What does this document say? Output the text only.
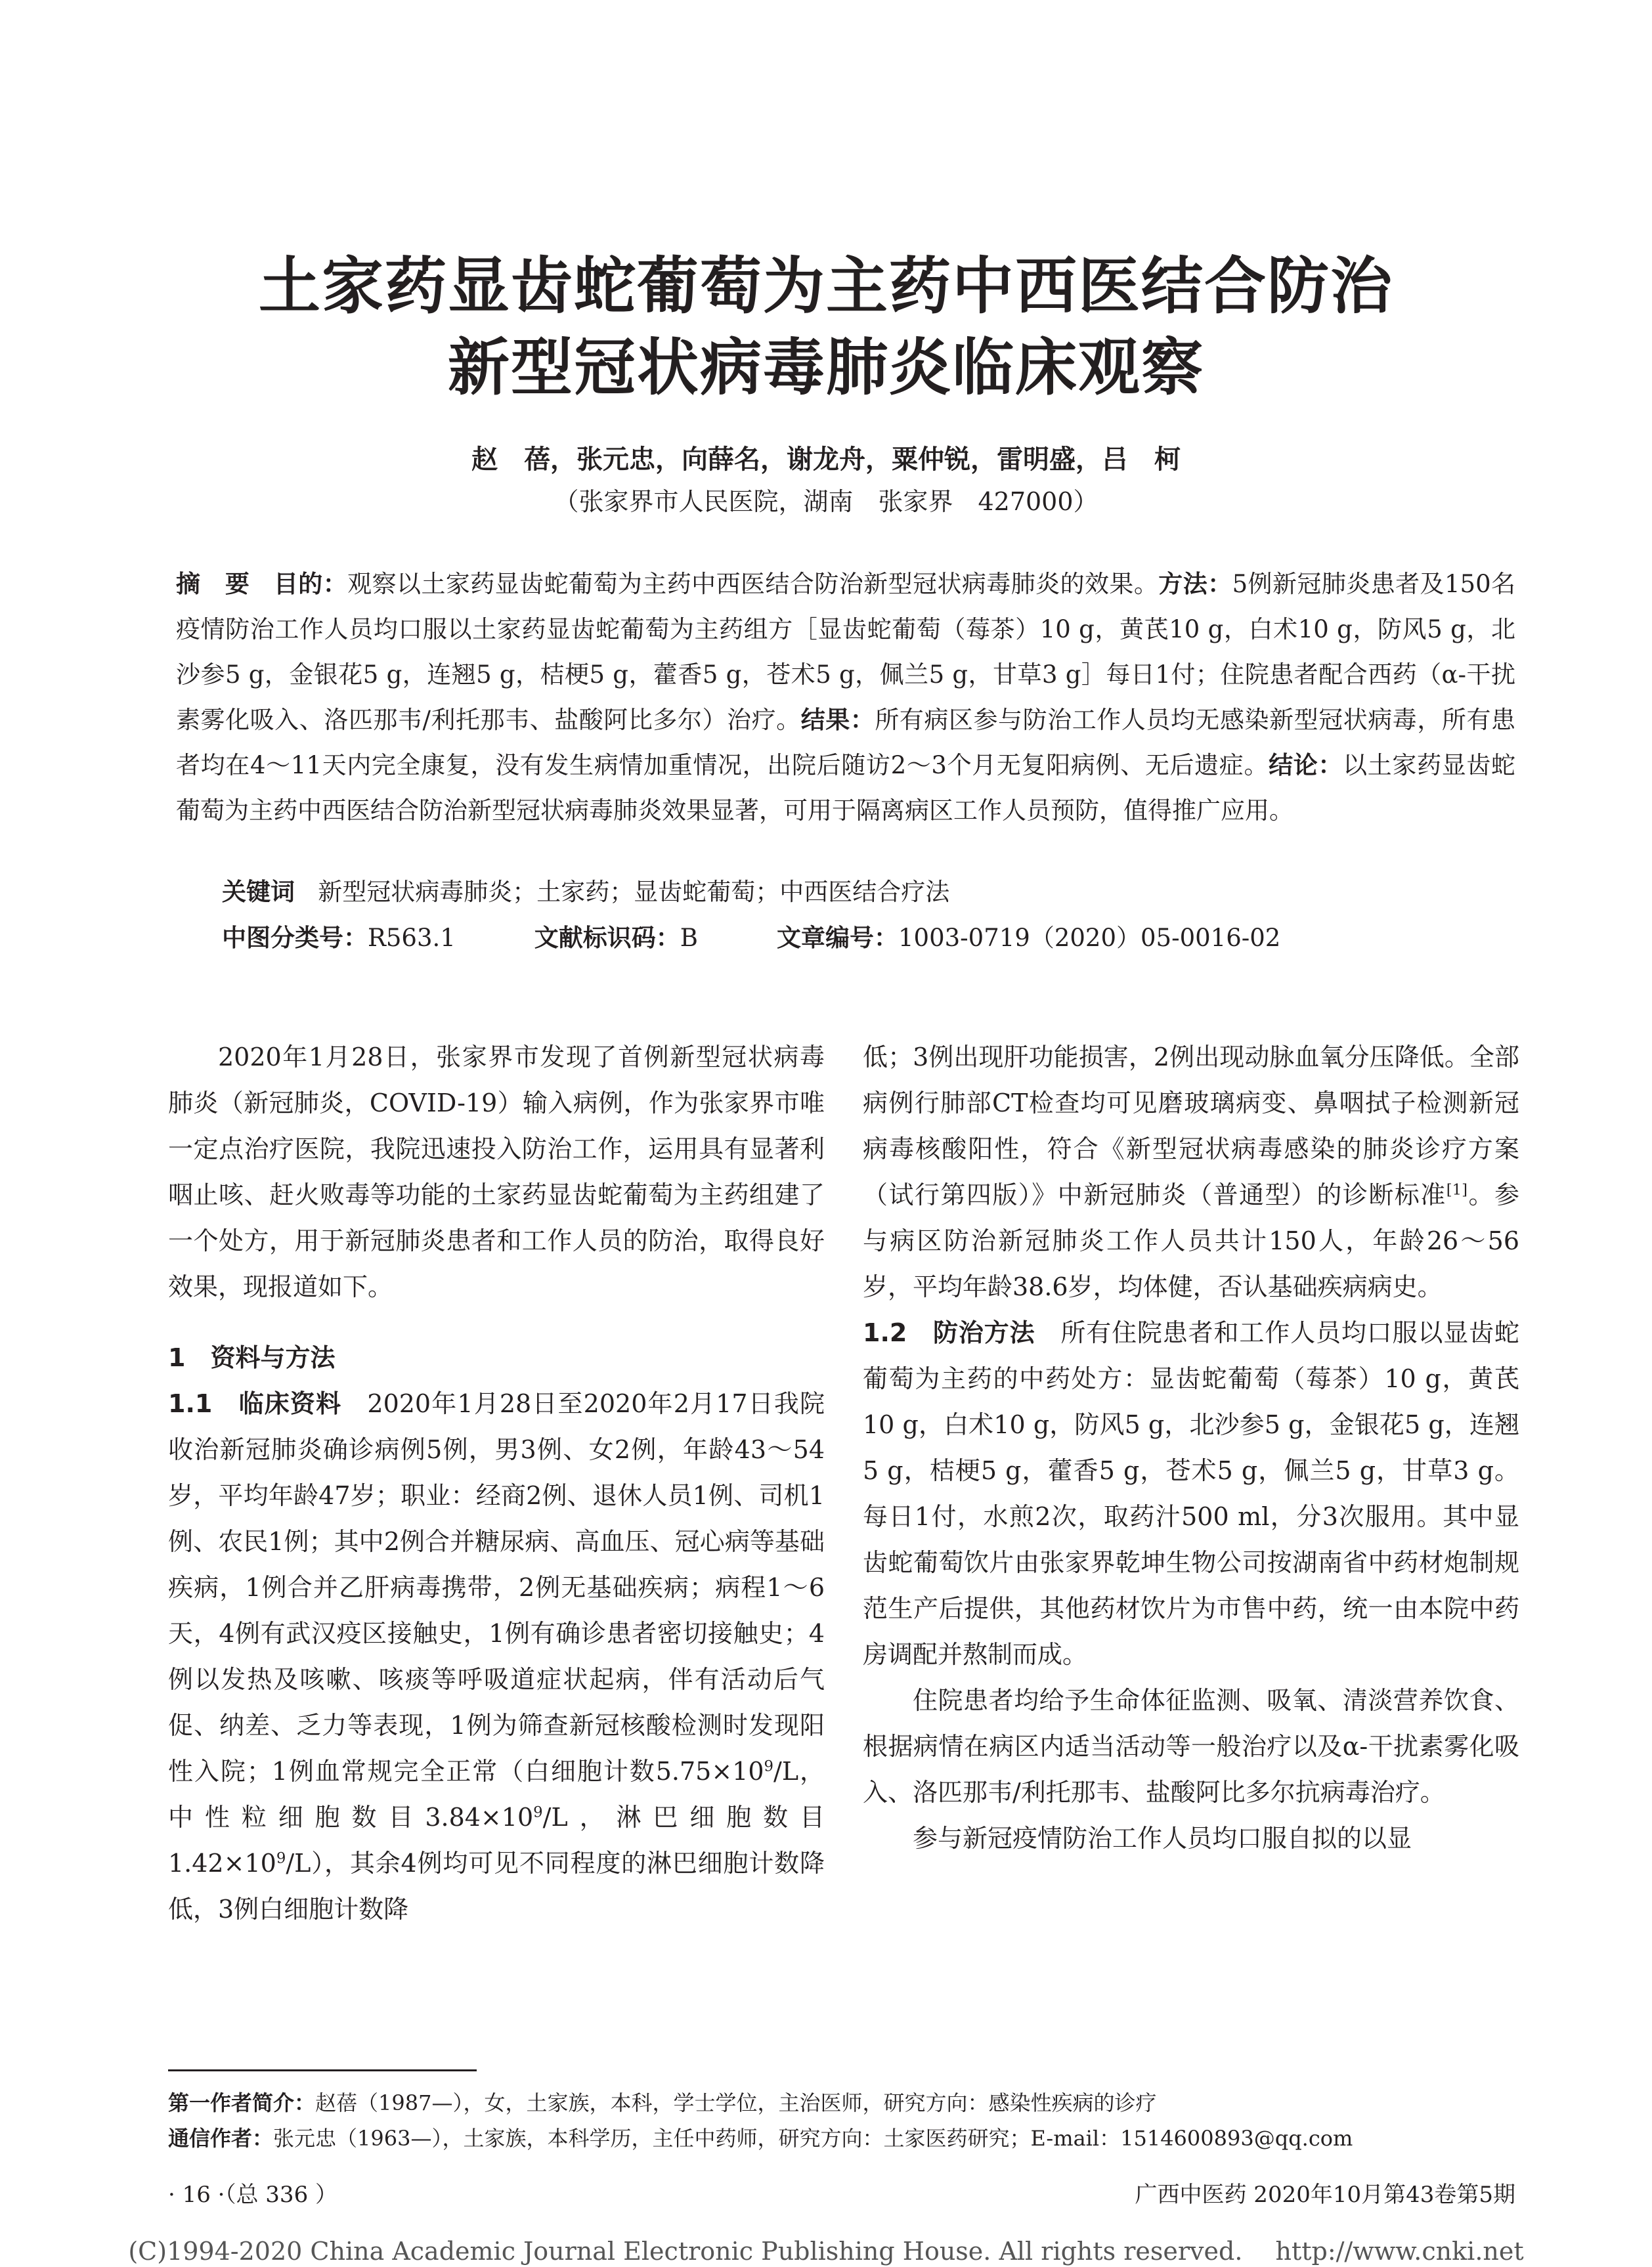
土家药显齿蛇葡萄为主药中西医结合防治
新型冠状病毒肺炎临床观察
赵　蓓，张元忠，向薛名，谢龙舟，粟仲锐，雷明盛，吕　柯
（张家界市人民医院，湖南　张家界　427000）
摘　要 目的：观察以土家药显齿蛇葡萄为主药中西医结合防治新型冠状病毒肺炎的效果。方法：5例新冠肺炎患者及150名疫情防治工作人员均口服以土家药显齿蛇葡萄为主药组方［显齿蛇葡萄（莓茶）10 g，黄芪10 g，白术10 g，防风5 g，北沙参5 g，金银花5 g，连翘5 g，桔梗5 g，藿香5 g，苍术5 g，佩兰5 g，甘草3 g］每日1付；住院患者配合西药（α-干扰素雾化吸入、洛匹那韦/利托那韦、盐酸阿比多尔）治疗。结果：所有病区参与防治工作人员均无感染新型冠状病毒，所有患者均在4～11天内完全康复，没有发生病情加重情况，出院后随访2～3个月无复阳病例、无后遗症。结论：以土家药显齿蛇葡萄为主药中西医结合防治新型冠状病毒肺炎效果显著，可用于隔离病区工作人员预防，值得推广应用。
关键词 新型冠状病毒肺炎；土家药；显齿蛇葡萄；中西医结合疗法
中图分类号：R563.1	文献标识码：B	文章编号：1003-0719（2020）05-0016-02

2020年1月28日，张家界市发现了首例新型冠状病毒肺炎（新冠肺炎，COVID-19）输入病例，作为张家界市唯一定点治疗医院，我院迅速投入防治工作，运用具有显著利咽止咳、赶火败毒等功能的土家药显齿蛇葡萄为主药组建了一个处方，用于新冠肺炎患者和工作人员的防治，取得良好效果，现报道如下。

1　资料与方法

1.1　临床资料　2020年1月28日至2020年2月17日我院收治新冠肺炎确诊病例5例，男3例、女2例，年龄43～54岁，平均年龄47岁；职业：经商2例、退休人员1例、司机1例、农民1例；其中2例合并糖尿病、高血压、冠心病等基础疾病，1例合并乙肝病毒携带，2例无基础疾病；病程1～6天，4例有武汉疫区接触史，1例有确诊患者密切接触史；4例以发热及咳嗽、咳痰等呼吸道症状起病，伴有活动后气促、纳差、乏力等表现，1例为筛查新冠核酸检测时发现阳性入院；1例血常规完全正常（白细胞计数$5.75\times 10^9/L$，中性粒细胞数目$3.84\times 10^9/L$，淋巴细胞数目$1.42\times 10^9/L$），其余4例均可见不同程度的淋巴细胞计数降低，3例白细胞计数降

低；3例出现肝功能损害，2例出现动脉血氧分压降低。全部病例行肺部CT检查均可见磨玻璃病变、鼻咽拭子检测新冠病毒核酸阳性，符合《新型冠状病毒感染的肺炎诊疗方案（试行第四版）》中新冠肺炎（普通型）的诊断标准[1]。参与病区防治新冠肺炎工作人员共计150人，年龄26～56岁，平均年龄38.6岁，均体健，否认基础疾病病史。

1.2　防治方法　所有住院患者和工作人员均口服以显齿蛇葡萄为主药的中药处方：显齿蛇葡萄（莓茶）10 g，黄芪10 g，白术10 g，防风5 g，北沙参5 g，金银花5 g，连翘5 g，桔梗5 g，藿香5 g，苍术5 g，佩兰5 g，甘草3 g。每日1付，水煎2次，取药汁500 ml，分3次服用。其中显齿蛇葡萄饮片由张家界乾坤生物公司按湖南省中药材炮制规范生产后提供，其他药材饮片为市售中药，统一由本院中药房调配并熬制而成。

住院患者均给予生命体征监测、吸氧、清淡营养饮食、根据病情在病区内适当活动等一般治疗以及α-干扰素雾化吸入、洛匹那韦/利托那韦、盐酸阿比多尔抗病毒治疗。

参与新冠疫情防治工作人员均口服自拟的以显

第一作者简介：赵蓓（1987—），女，土家族，本科，学士学位，主治医师，研究方向：感染性疾病的诊疗
通信作者：张元忠（1963—），土家族，本科学历，主任中药师，研究方向：土家医药研究；E-mail：1514600893@qq.com
· 16 ·（总 336 ）	广西中医药 2020年10月第43卷第5期
(C)1994-2020 China Academic Journal Electronic Publishing House. All rights reserved.　 http://www.cnki.net
